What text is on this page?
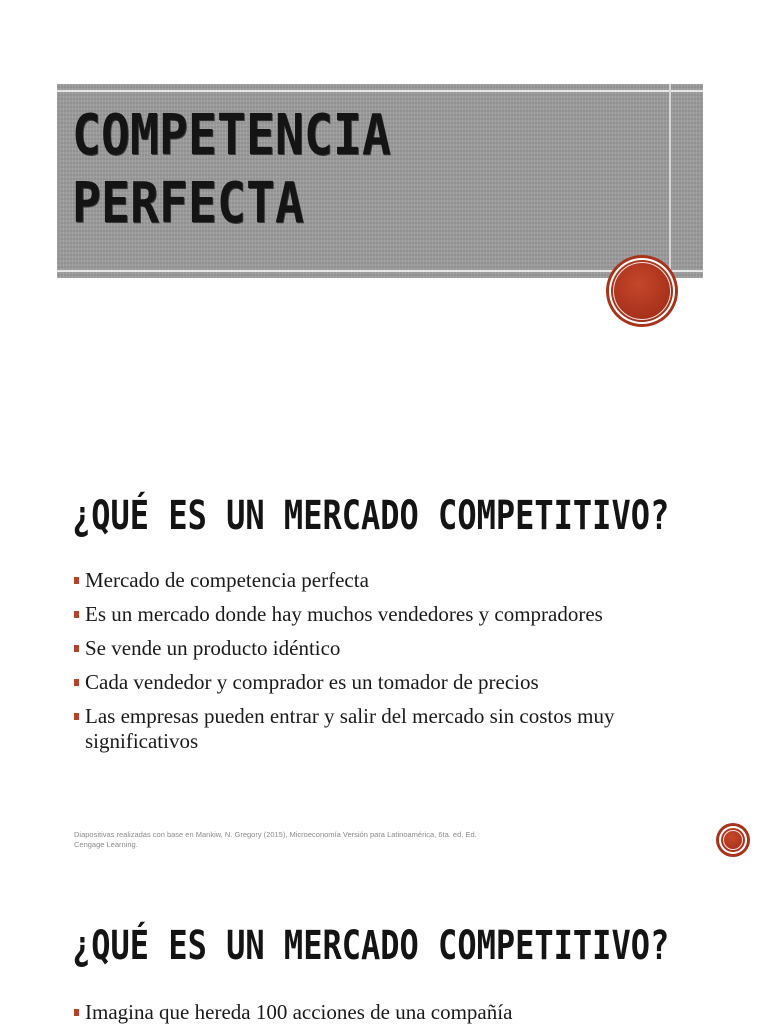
COMPETENCIA
PERFECTA
¿QUÉ ES UN MERCADO COMPETITIVO?
Mercado de competencia perfecta
Es un mercado donde hay muchos vendedores y compradores
Se vende un producto idéntico
Cada vendedor y comprador es un tomador de precios
Las empresas pueden entrar y salir del mercado sin costos muy significativos

Diapositivas realizadas con base en Mankiw, N. Gregory (2015), Microeconomía Versión para Latinoamérica, 6ta. ed. Ed. Cengage Learning.

¿QUÉ ES UN MERCADO COMPETITIVO?
Imagina que hereda 100 acciones de una compañía
